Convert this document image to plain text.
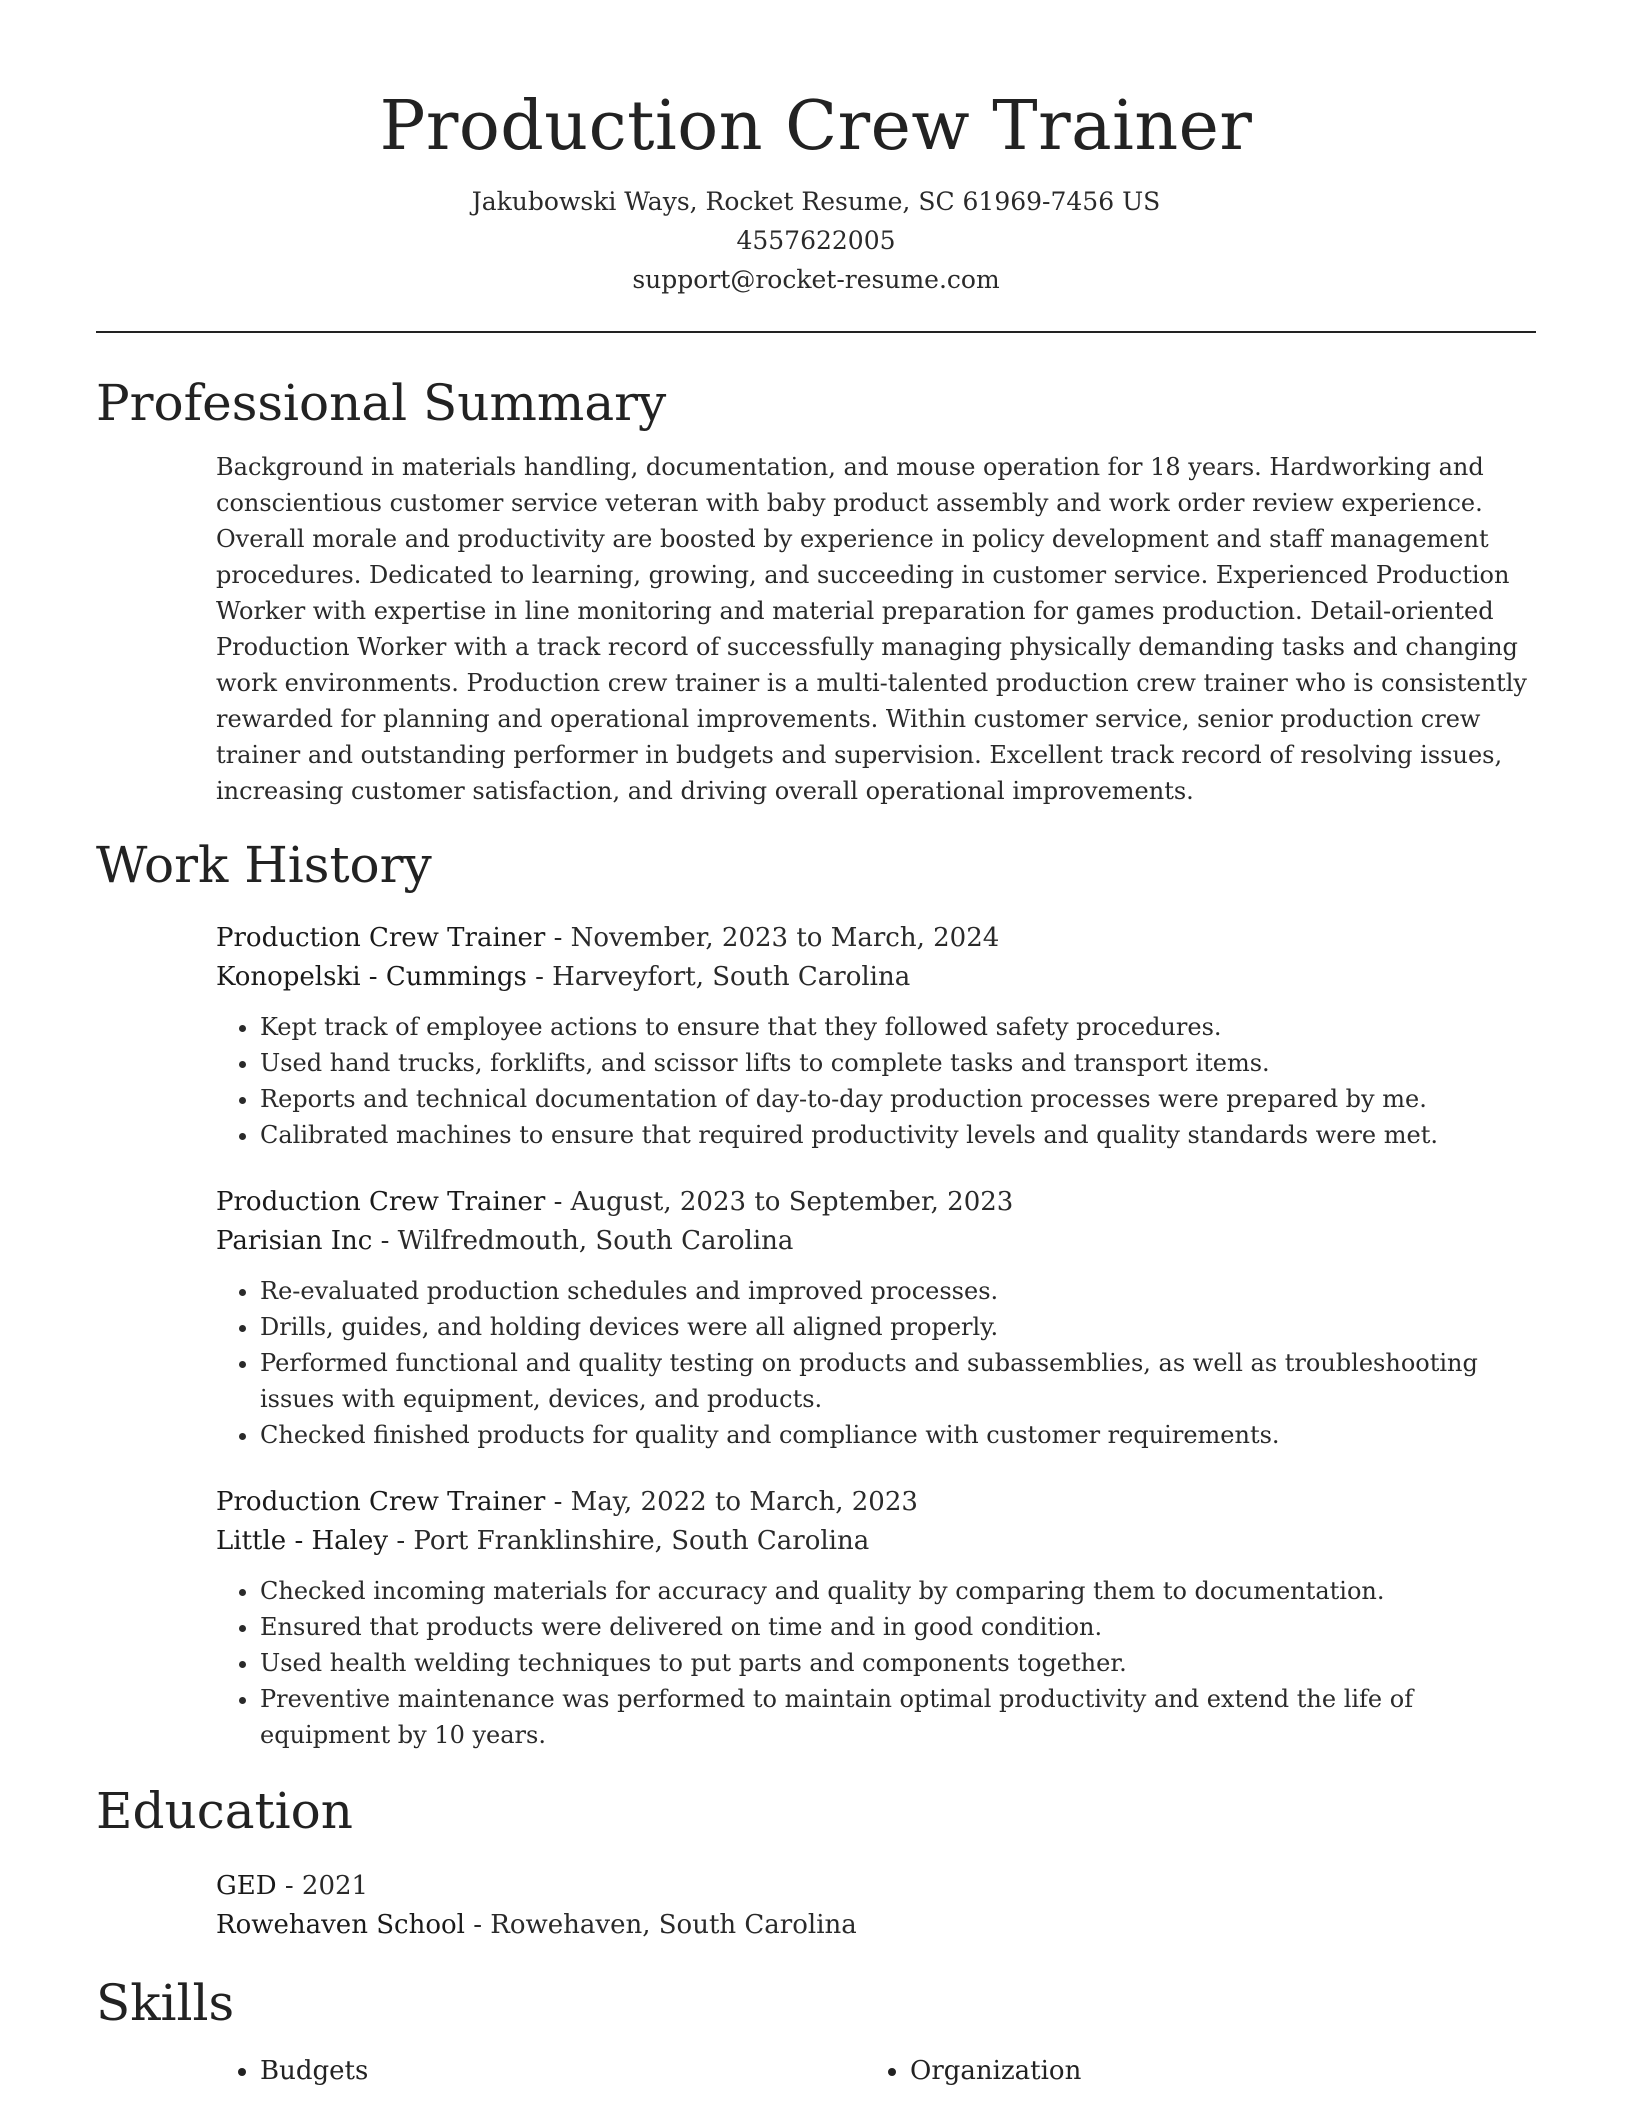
Production Crew Trainer
Jakubowski Ways, Rocket Resume, SC 61969-7456 US
4557622005
support@rocket-resume.com
Professional Summary

Background in materials handling, documentation, and mouse operation for 18 years. Hardworking and conscientious customer service veteran with baby product assembly and work order review experience. Overall morale and productivity are boosted by experience in policy development and staff management procedures. Dedicated to learning, growing, and succeeding in customer service. Experienced Production Worker with expertise in line monitoring and material preparation for games production. Detail-oriented Production Worker with a track record of successfully managing physically demanding tasks and changing work environments. Production crew trainer is a multi-talented production crew trainer who is consistently rewarded for planning and operational improvements. Within customer service, senior production crew trainer and outstanding performer in budgets and supervision. Excellent track record of resolving issues, increasing customer satisfaction, and driving overall operational improvements.

Work History
Production Crew Trainer - November, 2023 to March, 2024
Konopelski - Cummings - Harveyfort, South Carolina
• Kept track of employee actions to ensure that they followed safety procedures.
• Used hand trucks, forklifts, and scissor lifts to complete tasks and transport items.
• Reports and technical documentation of day-to-day production processes were prepared by me.
• Calibrated machines to ensure that required productivity levels and quality standards were met.
Production Crew Trainer - August, 2023 to September, 2023
Parisian Inc - Wilfredmouth, South Carolina
• Re-evaluated production schedules and improved processes.
• Drills, guides, and holding devices were all aligned properly.
• Performed functional and quality testing on products and subassemblies, as well as troubleshooting issues with equipment, devices, and products.
• Checked finished products for quality and compliance with customer requirements.
Production Crew Trainer - May, 2022 to March, 2023
Little - Haley - Port Franklinshire, South Carolina
• Checked incoming materials for accuracy and quality by comparing them to documentation.
• Ensured that products were delivered on time and in good condition.
• Used health welding techniques to put parts and components together.
• Preventive maintenance was performed to maintain optimal productivity and extend the life of equipment by 10 years.
Education
GED - 2021
Rowehaven School - Rowehaven, South Carolina
Skills
• Budgets
•	Organization
